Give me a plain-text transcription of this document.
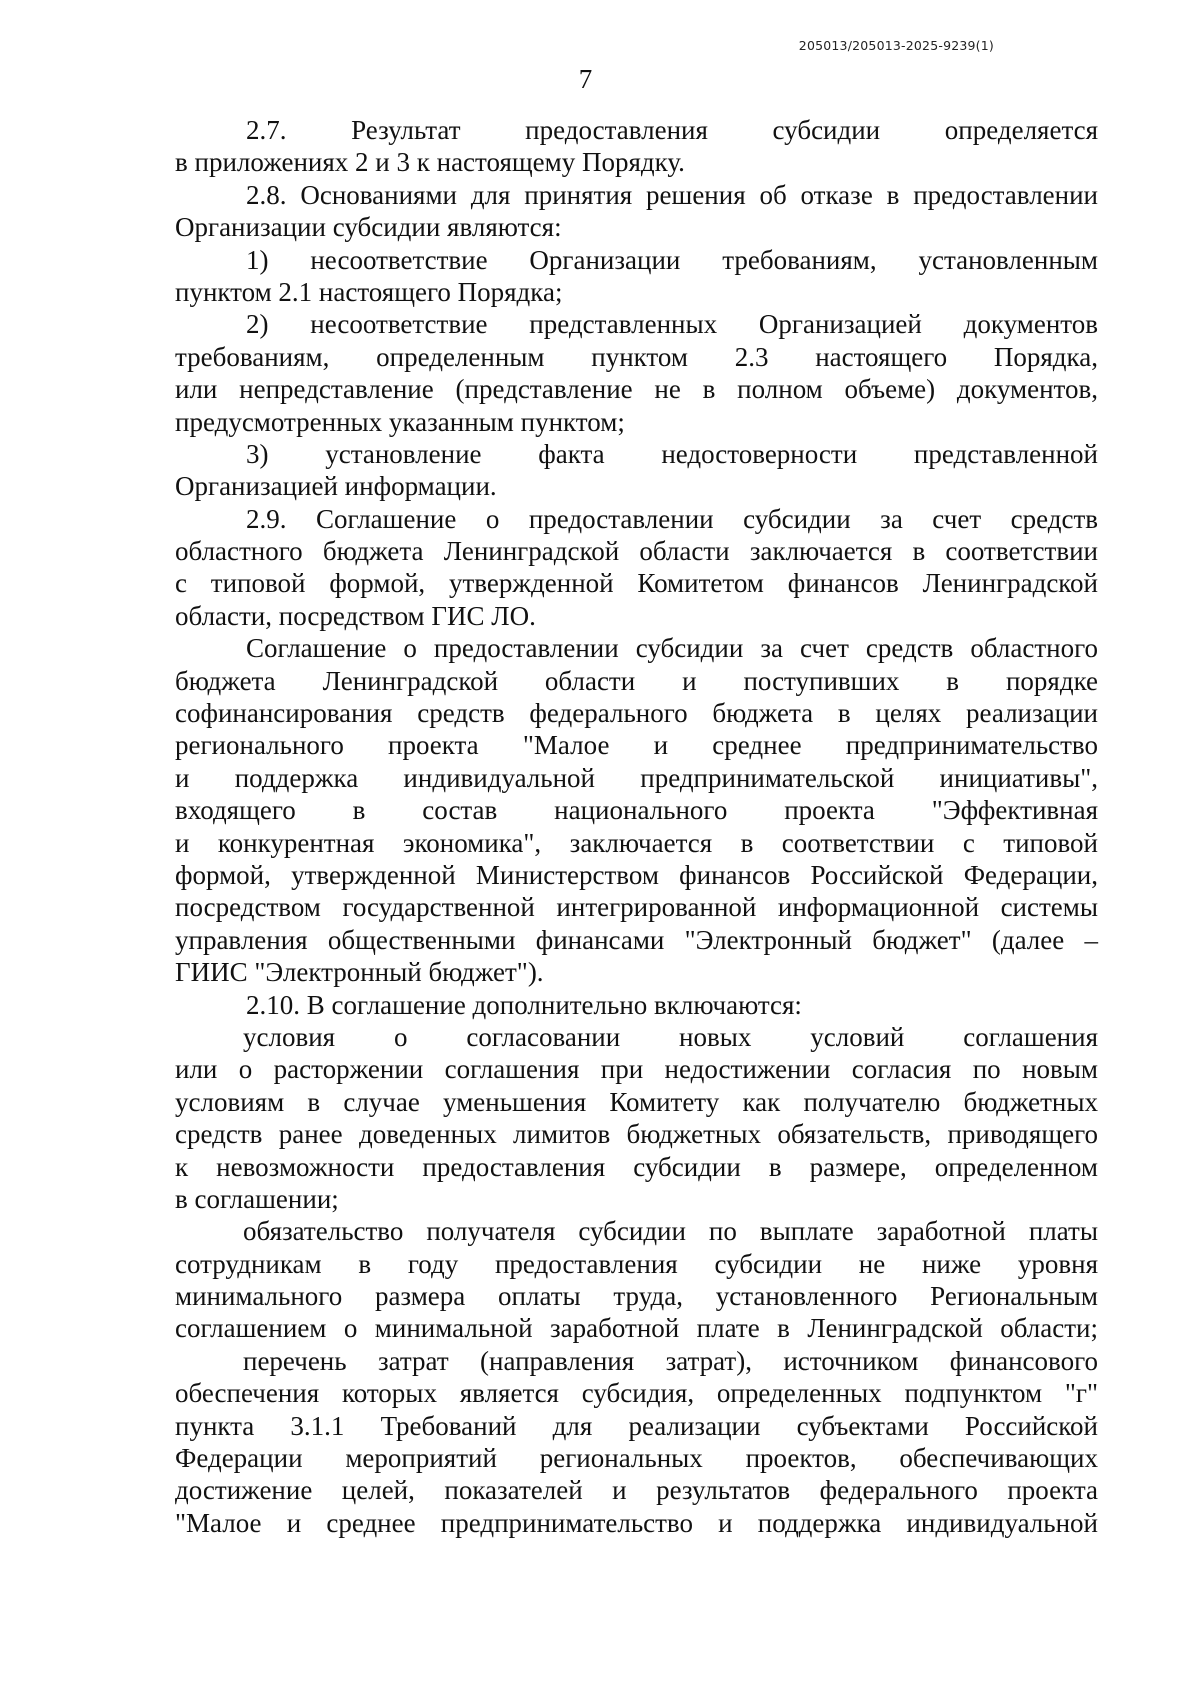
205013/205013-2025-9239(1)
7
2.7. Результат предоставления субсидии определяется
в приложениях 2 и 3 к настоящему Порядку.
2.8. Основаниями для принятия решения об отказе в предоставлении
Организации субсидии являются:
1) несоответствие Организации требованиям, установленным
пунктом 2.1 настоящего Порядка;
2) несоответствие представленных Организацией документов
требованиям, определенным пунктом 2.3 настоящего Порядка,
или непредставление (представление не в полном объеме) документов,
предусмотренных указанным пунктом;
3) установление факта недостоверности представленной
Организацией информации.
2.9. Соглашение о предоставлении субсидии за счет средств
областного бюджета Ленинградской области заключается в соответствии
с типовой формой, утвержденной Комитетом финансов Ленинградской
области, посредством ГИС ЛО.
Соглашение о предоставлении субсидии за счет средств областного
бюджета Ленинградской области и поступивших в порядке
софинансирования средств федерального бюджета в целях реализации
регионального проекта "Малое и среднее предпринимательство
и поддержка индивидуальной предпринимательской инициативы",
входящего в состав национального проекта "Эффективная
и конкурентная экономика", заключается в соответствии с типовой
формой, утвержденной Министерством финансов Российской Федерации,
посредством государственной интегрированной информационной системы
управления общественными финансами "Электронный бюджет" (далее –
ГИИС "Электронный бюджет").
2.10. В соглашение дополнительно включаются:
условия о согласовании новых условий соглашения
или о расторжении соглашения при недостижении согласия по новым
условиям в случае уменьшения Комитету как получателю бюджетных
средств ранее доведенных лимитов бюджетных обязательств, приводящего
к невозможности предоставления субсидии в размере, определенном
в соглашении;
обязательство получателя субсидии по выплате заработной платы
сотрудникам в году предоставления субсидии не ниже уровня
минимального размера оплаты труда, установленного Региональным
соглашением о минимальной заработной плате в Ленинградской области;
перечень затрат (направления затрат), источником финансового
обеспечения которых является субсидия, определенных подпунктом "г"
пункта 3.1.1 Требований для реализации субъектами Российской
Федерации мероприятий региональных проектов, обеспечивающих
достижение целей, показателей и результатов федерального проекта
"Малое и среднее предпринимательство и поддержка индивидуальной
